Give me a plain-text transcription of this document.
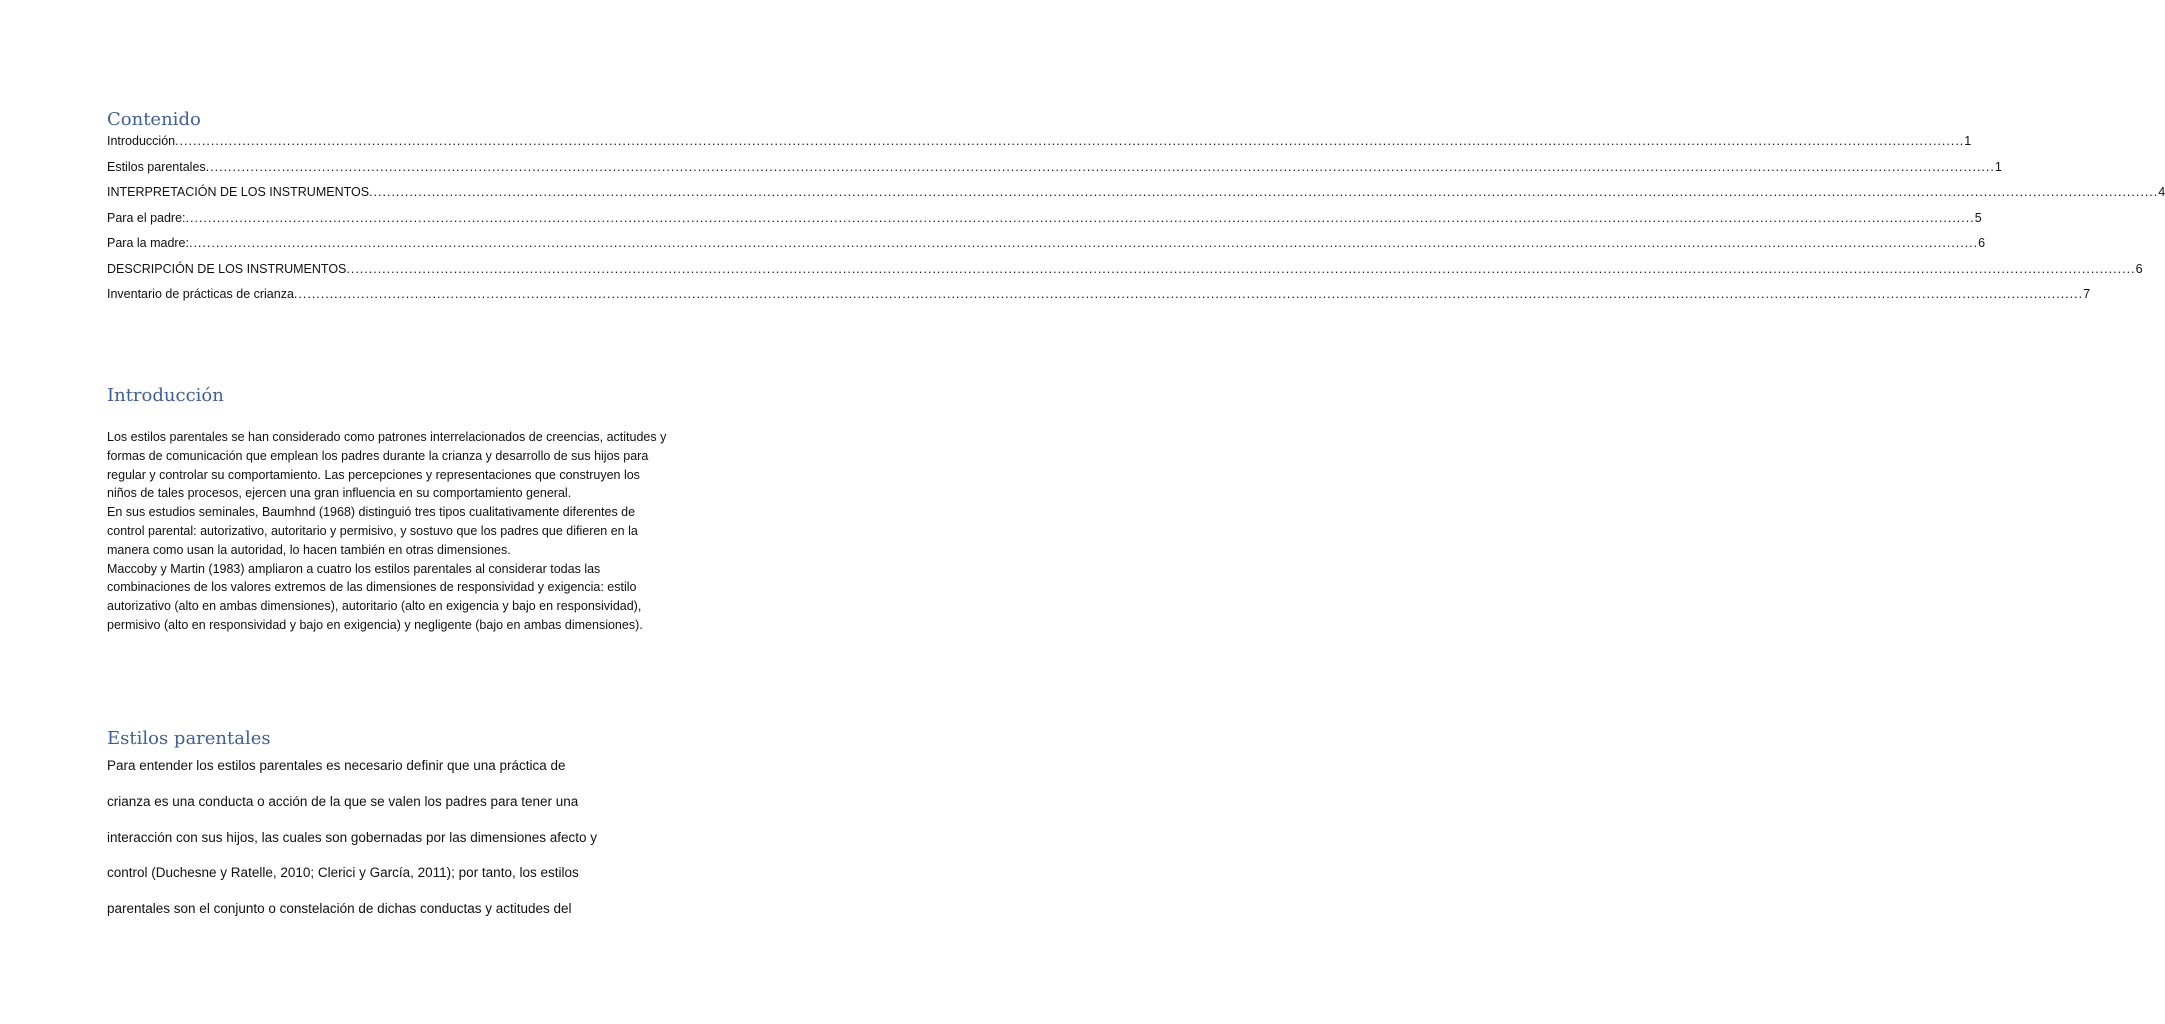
Contenido
Introducción ................................................................................................................................................................................................................................................................................................................................................................................................................ 1
Estilos parentales ................................................................................................................................................................................................................................................................................................................................................................................................................ 1
INTERPRETACIÓN DE LOS INSTRUMENTOS ................................................................................................................................................................................................................................................................................................................................................................................................................ 4
Para el padre: ................................................................................................................................................................................................................................................................................................................................................................................................................ 5
Para la madre: ................................................................................................................................................................................................................................................................................................................................................................................................................ 6
DESCRIPCIÓN DE LOS INSTRUMENTOS ................................................................................................................................................................................................................................................................................................................................................................................................................ 6
Inventario de prácticas de crianza ................................................................................................................................................................................................................................................................................................................................................................................................................ 7
Introducción

Los estilos parentales se han considerado como patrones interrelacionados de creencias, actitudes y formas de comunicación que emplean los padres durante la crianza y desarrollo de sus hijos para regular y controlar su comportamiento. Las percepciones y representaciones que construyen los niños de tales procesos, ejercen una gran influencia en su comportamiento general.

En sus estudios seminales, Baumhnd (1968) distinguió tres tipos cualitativamente diferentes de control parental: autorizativo, autoritario y permisivo, y sostuvo que los padres que difieren en la manera como usan la autoridad, lo hacen también en otras dimensiones.

Maccoby y Martin (1983) ampliaron a cuatro los estilos parentales al considerar todas las combinaciones de los valores extremos de las dimensiones de responsividad y exigencia: estilo autorizativo (alto en ambas dimensiones), autoritario (alto en exigencia y bajo en responsividad), permisivo (alto en responsividad y bajo en exigencia) y negligente (bajo en ambas dimensiones).

Estilos parentales
Para entender los estilos parentales es necesario definir que una práctica de
crianza es una conducta o acción de la que se valen los padres para tener una
interacción con sus hijos, las cuales son gobernadas por las dimensiones afecto y
control (Duchesne y Ratelle, 2010; Clerici y García, 2011); por tanto, los estilos
parentales son el conjunto o constelación de dichas conductas y actitudes del
